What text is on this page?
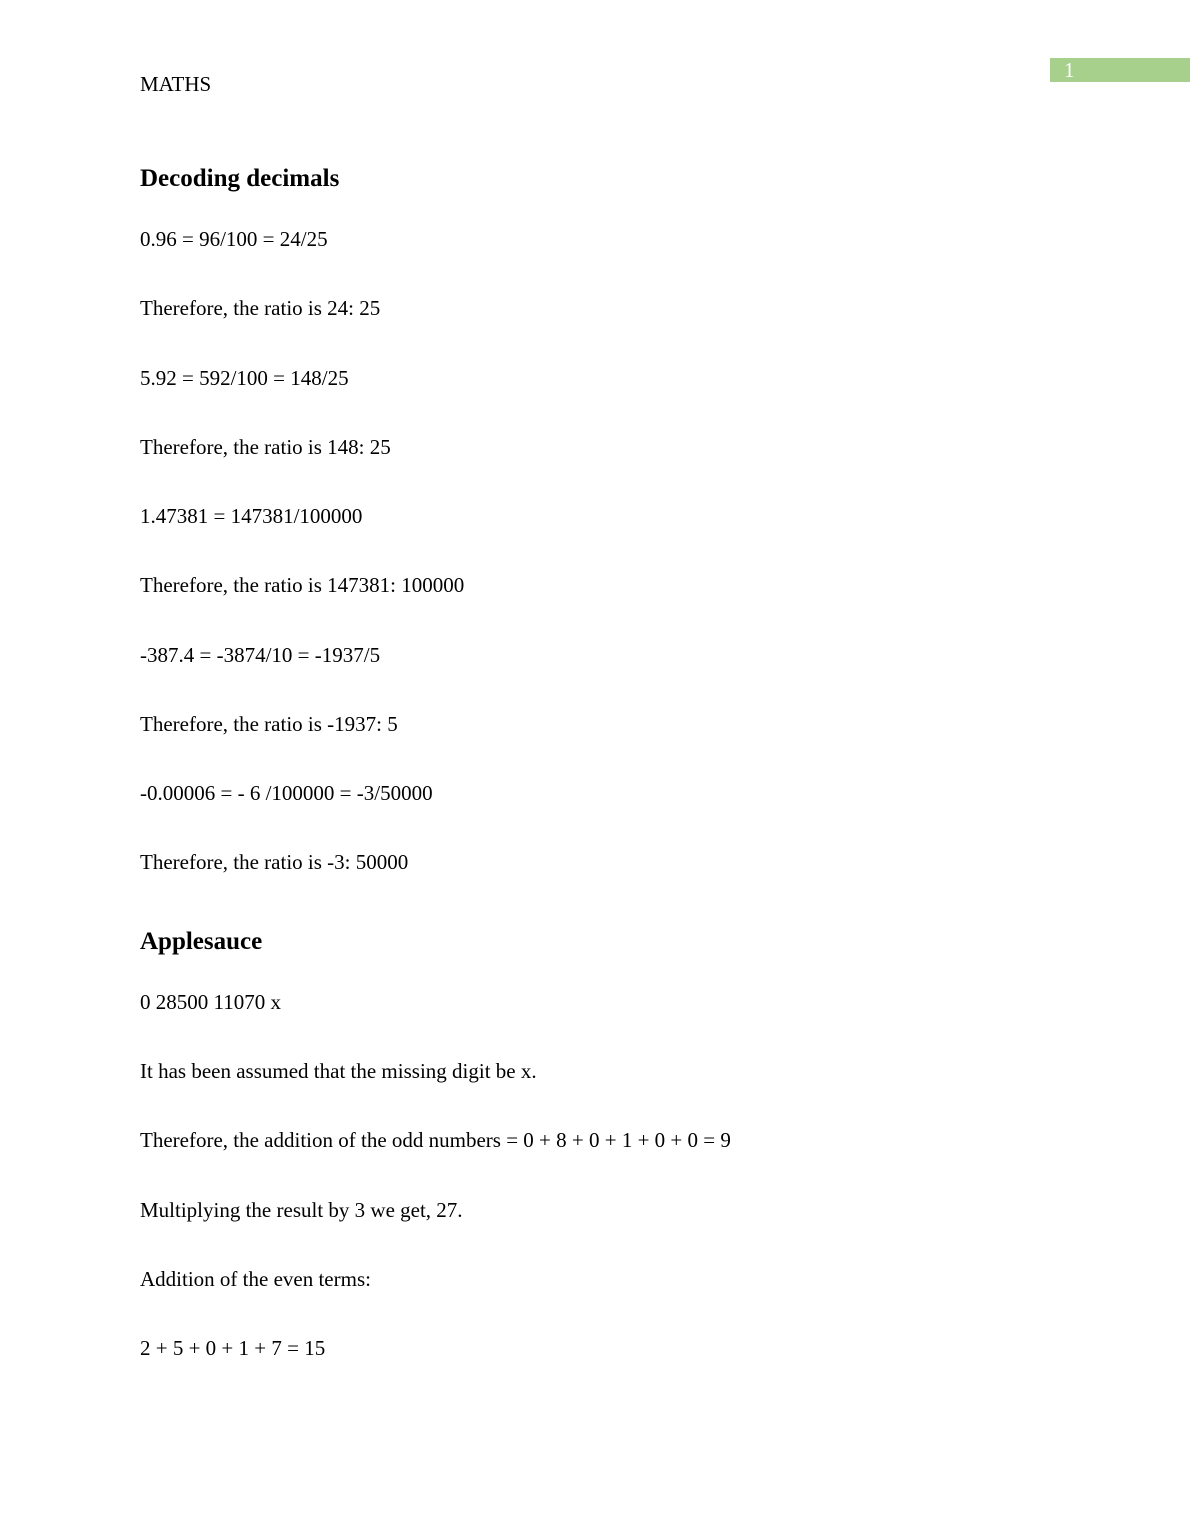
1

MATHS

Decoding decimals

0.96 = 96/100 = 24/25

Therefore, the ratio is 24: 25

5.92 = 592/100 = 148/25

Therefore, the ratio is 148: 25

1.47381 = 147381/100000

Therefore, the ratio is 147381: 100000

-387.4 = -3874/10 = -1937/5

Therefore, the ratio is -1937: 5

-0.00006 = - 6 /100000 = -3/50000

Therefore, the ratio is -3: 50000

Applesauce

0 28500 11070 x

It has been assumed that the missing digit be x.

Therefore, the addition of the odd numbers = 0 + 8 + 0 + 1 + 0 + 0 = 9

Multiplying the result by 3 we get, 27.

Addition of the even terms:

2 + 5 + 0 + 1 + 7 = 15
